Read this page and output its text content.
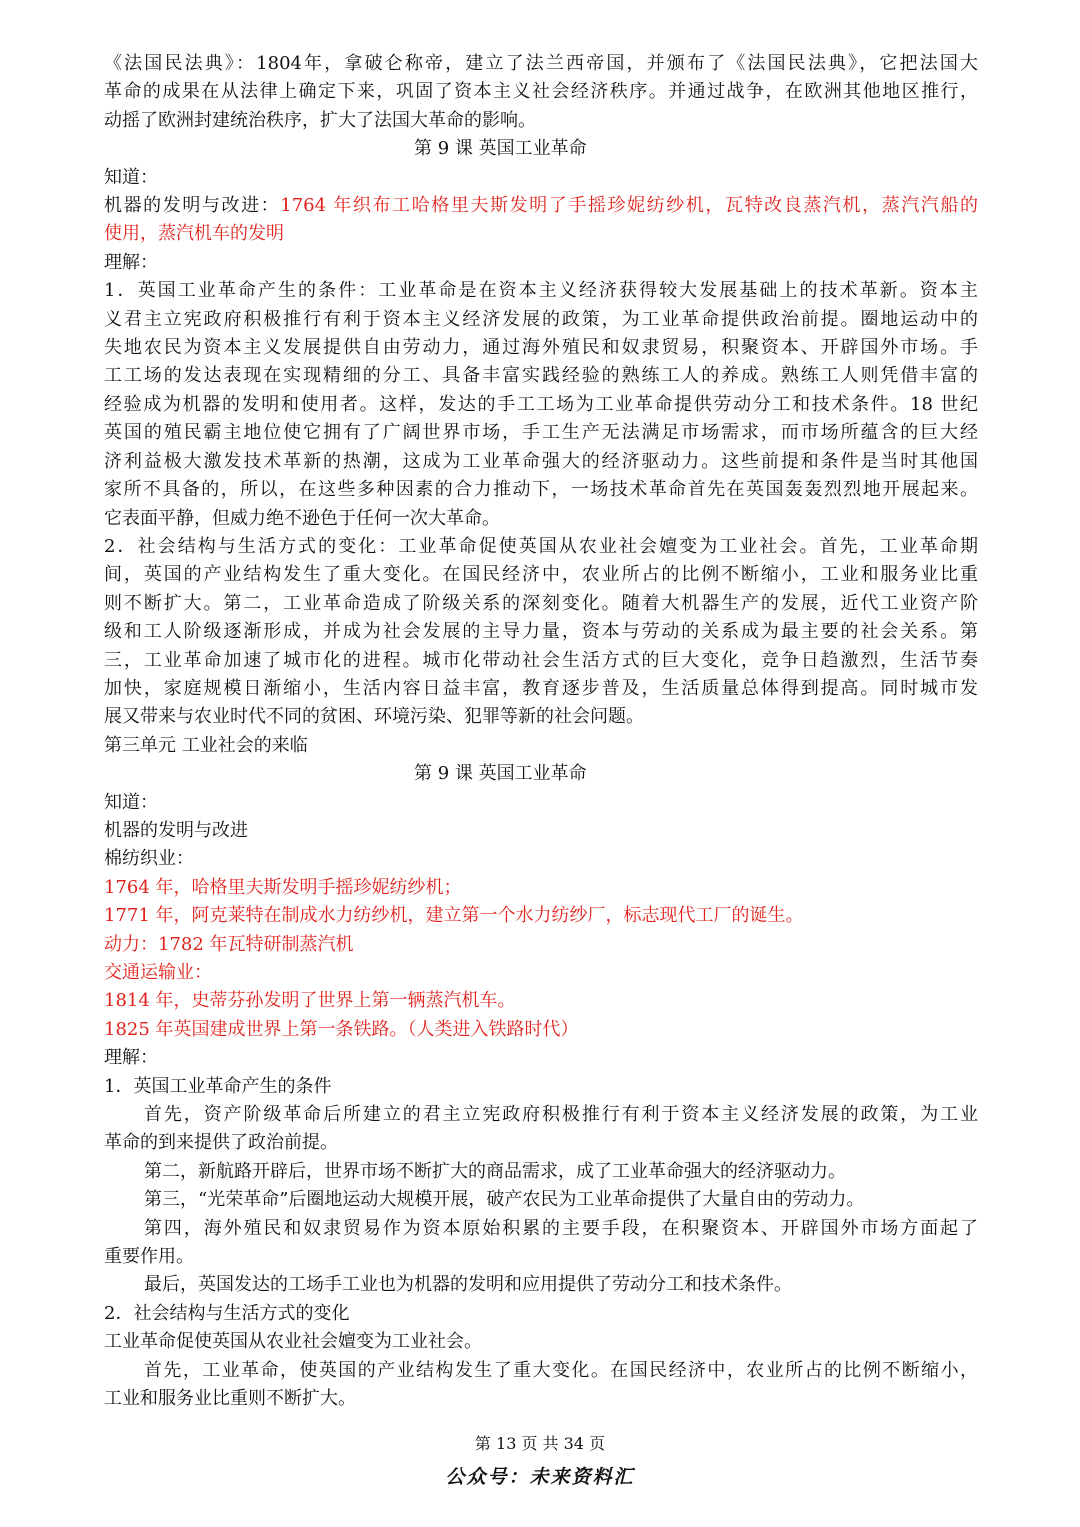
《法国民法典》：1804年，拿破仑称帝，建立了法兰西帝国，并颁布了《法国民法典》，它把法国大
革命的成果在从法律上确定下来，巩固了资本主义社会经济秩序。并通过战争，在欧洲其他地区推行，
动摇了欧洲封建统治秩序，扩大了法国大革命的影响。
第 9 课 英国工业革命
知道：
机器的发明与改进：1764 年织布工哈格里夫斯发明了手摇珍妮纺纱机，瓦特改良蒸汽机，蒸汽汽船的
使用，蒸汽机车的发明
理解：
1．英国工业革命产生的条件：工业革命是在资本主义经济获得较大发展基础上的技术革新。资本主
义君主立宪政府积极推行有利于资本主义经济发展的政策，为工业革命提供政治前提。圈地运动中的
失地农民为资本主义发展提供自由劳动力，通过海外殖民和奴隶贸易，积聚资本、开辟国外市场。手
工工场的发达表现在实现精细的分工、具备丰富实践经验的熟练工人的养成。熟练工人则凭借丰富的
经验成为机器的发明和使用者。这样，发达的手工工场为工业革命提供劳动分工和技术条件。18 世纪
英国的殖民霸主地位使它拥有了广阔世界市场，手工生产无法满足市场需求，而市场所蕴含的巨大经
济利益极大激发技术革新的热潮，这成为工业革命强大的经济驱动力。这些前提和条件是当时其他国
家所不具备的，所以，在这些多种因素的合力推动下，一场技术革命首先在英国轰轰烈烈地开展起来。
它表面平静，但威力绝不逊色于任何一次大革命。
2．社会结构与生活方式的变化：工业革命促使英国从农业社会嬗变为工业社会。首先，工业革命期
间，英国的产业结构发生了重大变化。在国民经济中，农业所占的比例不断缩小，工业和服务业比重
则不断扩大。第二，工业革命造成了阶级关系的深刻变化。随着大机器生产的发展，近代工业资产阶
级和工人阶级逐渐形成，并成为社会发展的主导力量，资本与劳动的关系成为最主要的社会关系。第
三，工业革命加速了城市化的进程。城市化带动社会生活方式的巨大变化，竞争日趋激烈，生活节奏
加快，家庭规模日渐缩小，生活内容日益丰富，教育逐步普及，生活质量总体得到提高。同时城市发
展又带来与农业时代不同的贫困、环境污染、犯罪等新的社会问题。
第三单元 工业社会的来临
第 9 课 英国工业革命
知道：
机器的发明与改进
棉纺织业：
1764 年，哈格里夫斯发明手摇珍妮纺纱机；
1771 年，阿克莱特在制成水力纺纱机，建立第一个水力纺纱厂，标志现代工厂的诞生。
动力：1782 年瓦特研制蒸汽机
交通运输业：
1814 年，史蒂芬孙发明了世界上第一辆蒸汽机车。
1825 年英国建成世界上第一条铁路。（人类进入铁路时代）
理解：
1．英国工业革命产生的条件
首先，资产阶级革命后所建立的君主立宪政府积极推行有利于资本主义经济发展的政策，为工业
革命的到来提供了政治前提。
第二，新航路开辟后，世界市场不断扩大的商品需求，成了工业革命强大的经济驱动力。
第三，“光荣革命”后圈地运动大规模开展，破产农民为工业革命提供了大量自由的劳动力。
第四，海外殖民和奴隶贸易作为资本原始积累的主要手段，在积聚资本、开辟国外市场方面起了
重要作用。
最后，英国发达的工场手工业也为机器的发明和应用提供了劳动分工和技术条件。
2．社会结构与生活方式的变化
工业革命促使英国从农业社会嬗变为工业社会。
首先，工业革命，使英国的产业结构发生了重大变化。在国民经济中，农业所占的比例不断缩小，
工业和服务业比重则不断扩大。
第 13 页 共 34 页
公众号：未来资料汇
